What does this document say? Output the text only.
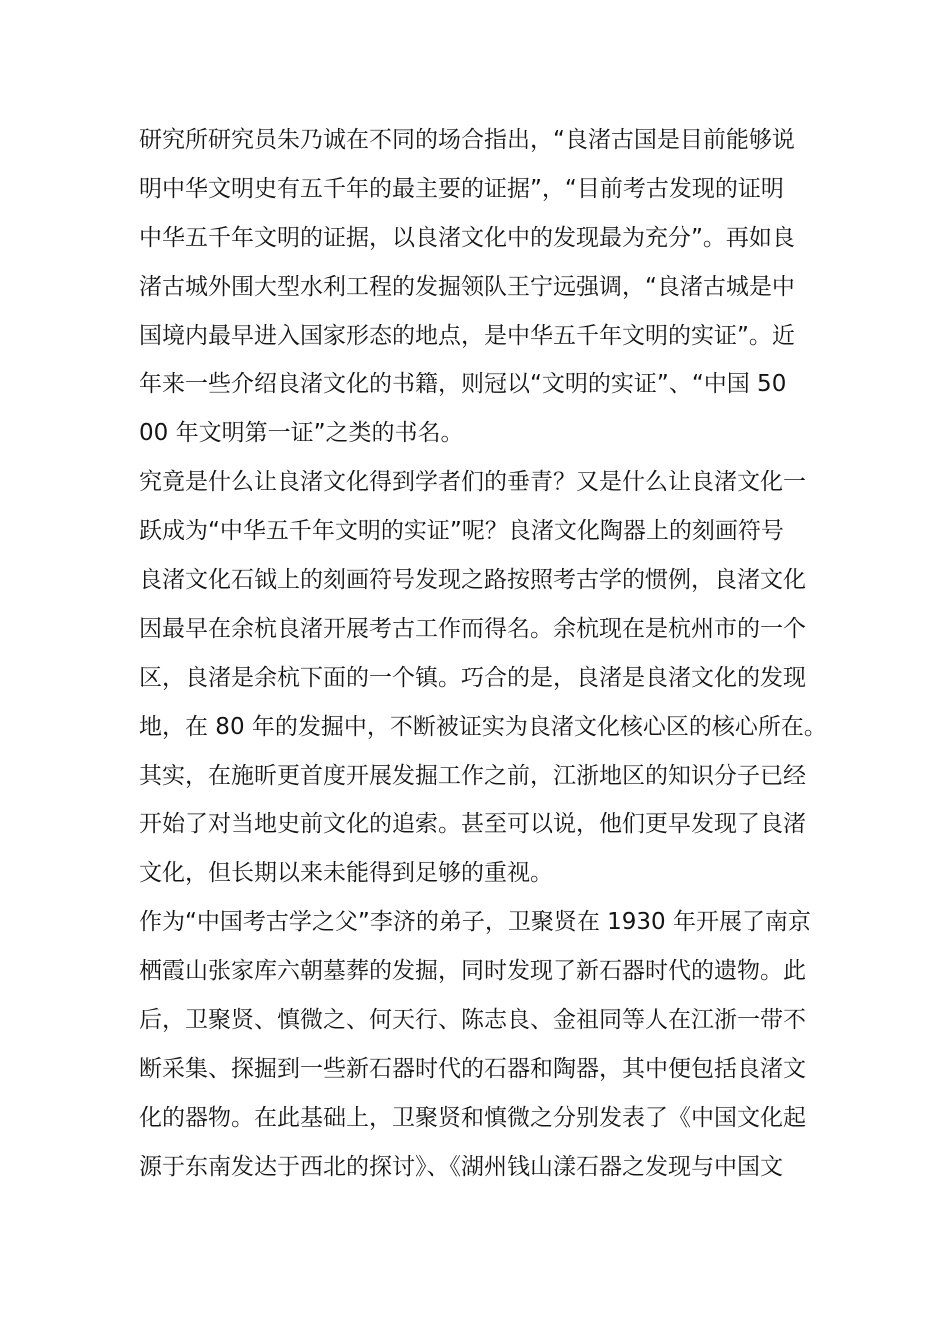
研究所研究员朱乃诚在不同的场合指出，“良渚古国是目前能够说
明中华文明史有五千年的最主要的证据”，“目前考古发现的证明
中华五千年文明的证据，以良渚文化中的发现最为充分”。再如良
渚古城外围大型水利工程的发掘领队王宁远强调，“良渚古城是中
国境内最早进入国家形态的地点，是中华五千年文明的实证”。近
年来一些介绍良渚文化的书籍，则冠以“文明的实证”、“中国 50
00 年文明第一证”之类的书名。
究竟是什么让良渚文化得到学者们的垂青？又是什么让良渚文化一
跃成为“中华五千年文明的实证”呢？良渚文化陶器上的刻画符号
良渚文化石钺上的刻画符号发现之路按照考古学的惯例，良渚文化
因最早在余杭良渚开展考古工作而得名。余杭现在是杭州市的一个
区，良渚是余杭下面的一个镇。巧合的是，良渚是良渚文化的发现
地，在 80 年的发掘中，不断被证实为良渚文化核心区的核心所在。
其实，在施昕更首度开展发掘工作之前，江浙地区的知识分子已经
开始了对当地史前文化的追索。甚至可以说，他们更早发现了良渚
文化，但长期以来未能得到足够的重视。
作为“中国考古学之父”李济的弟子，卫聚贤在 1930 年开展了南京
栖霞山张家库六朝墓葬的发掘，同时发现了新石器时代的遗物。此
后，卫聚贤、慎微之、何天行、陈志良、金祖同等人在江浙一带不
断采集、探掘到一些新石器时代的石器和陶器，其中便包括良渚文
化的器物。在此基础上，卫聚贤和慎微之分别发表了《中国文化起
源于东南发达于西北的探讨》、《湖州钱山漾石器之发现与中国文
